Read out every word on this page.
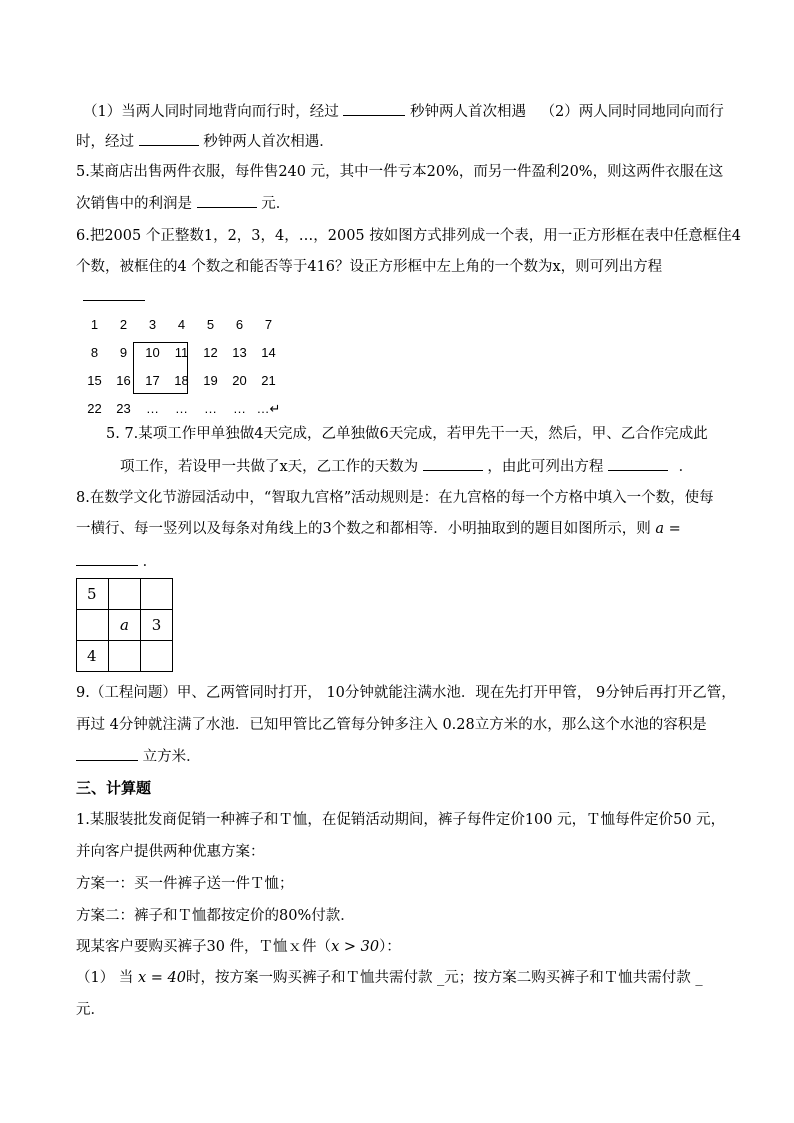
（1）当两人同时同地背向而行时，经过	秒钟两人首次相遇 （2）两人同时同地同向而行
时，经过	秒钟两人首次相遇．
5.某商店出售两件衣服，每件售240 元，其中一件亏本20%，而另一件盈利20%，则这两件衣服在这
次销售中的利润是	元．
6.把2005 个正整数1，2，3，4，…，2005 按如图方式排列成一个表，用一正方形框在表中任意框住4
个数，被框住的4 个数之和能否等于416？设正方形框中左上角的一个数为x，则可列出方程
1	2	3	4	5	6	7
8	9	10	11	12	13	14
15	16	17	18	19	20	21
22	23	…	…	…	… …↵
5. 7.某项工作甲单独做4天完成，乙单独做6天完成，若甲先干一天，然后，甲、乙合作完成此
项工作，若设甲一共做了x天，乙工作的天数为	，由此可列出方程	．
8.在数学文化节游园活动中，“智取九宫格”活动规则是：在九宫格的每一个方格中填入一个数，使每
一横行、每一竖列以及每条对角线上的3个数之和都相等．小明抽取到的题目如图所示，则 a =
．
5		
	a	3
4		
9.（工程问题）甲、乙两管同时打开， 10分钟就能注满水池．现在先打开甲管， 9分钟后再打开乙管，
再过 4分钟就注满了水池．已知甲管比乙管每分钟多注入 0.28立方米的水，那么这个水池的容积是
立方米．
三、计算题
1.某服装批发商促销一种裤子和Ｔ恤，在促销活动期间，裤子每件定价100 元，Ｔ恤每件定价50 元，
并向客户提供两种优惠方案：
方案一：买一件裤子送一件Ｔ恤；
方案二：裤子和Ｔ恤都按定价的80%付款．
现某客户要购买裤子30 件，Ｔ恤ｘ件（x > 30）：
（1） 当 x = 40时，按方案一购买裤子和Ｔ恤共需付款 _元；按方案二购买裤子和Ｔ恤共需付款 _
元．
